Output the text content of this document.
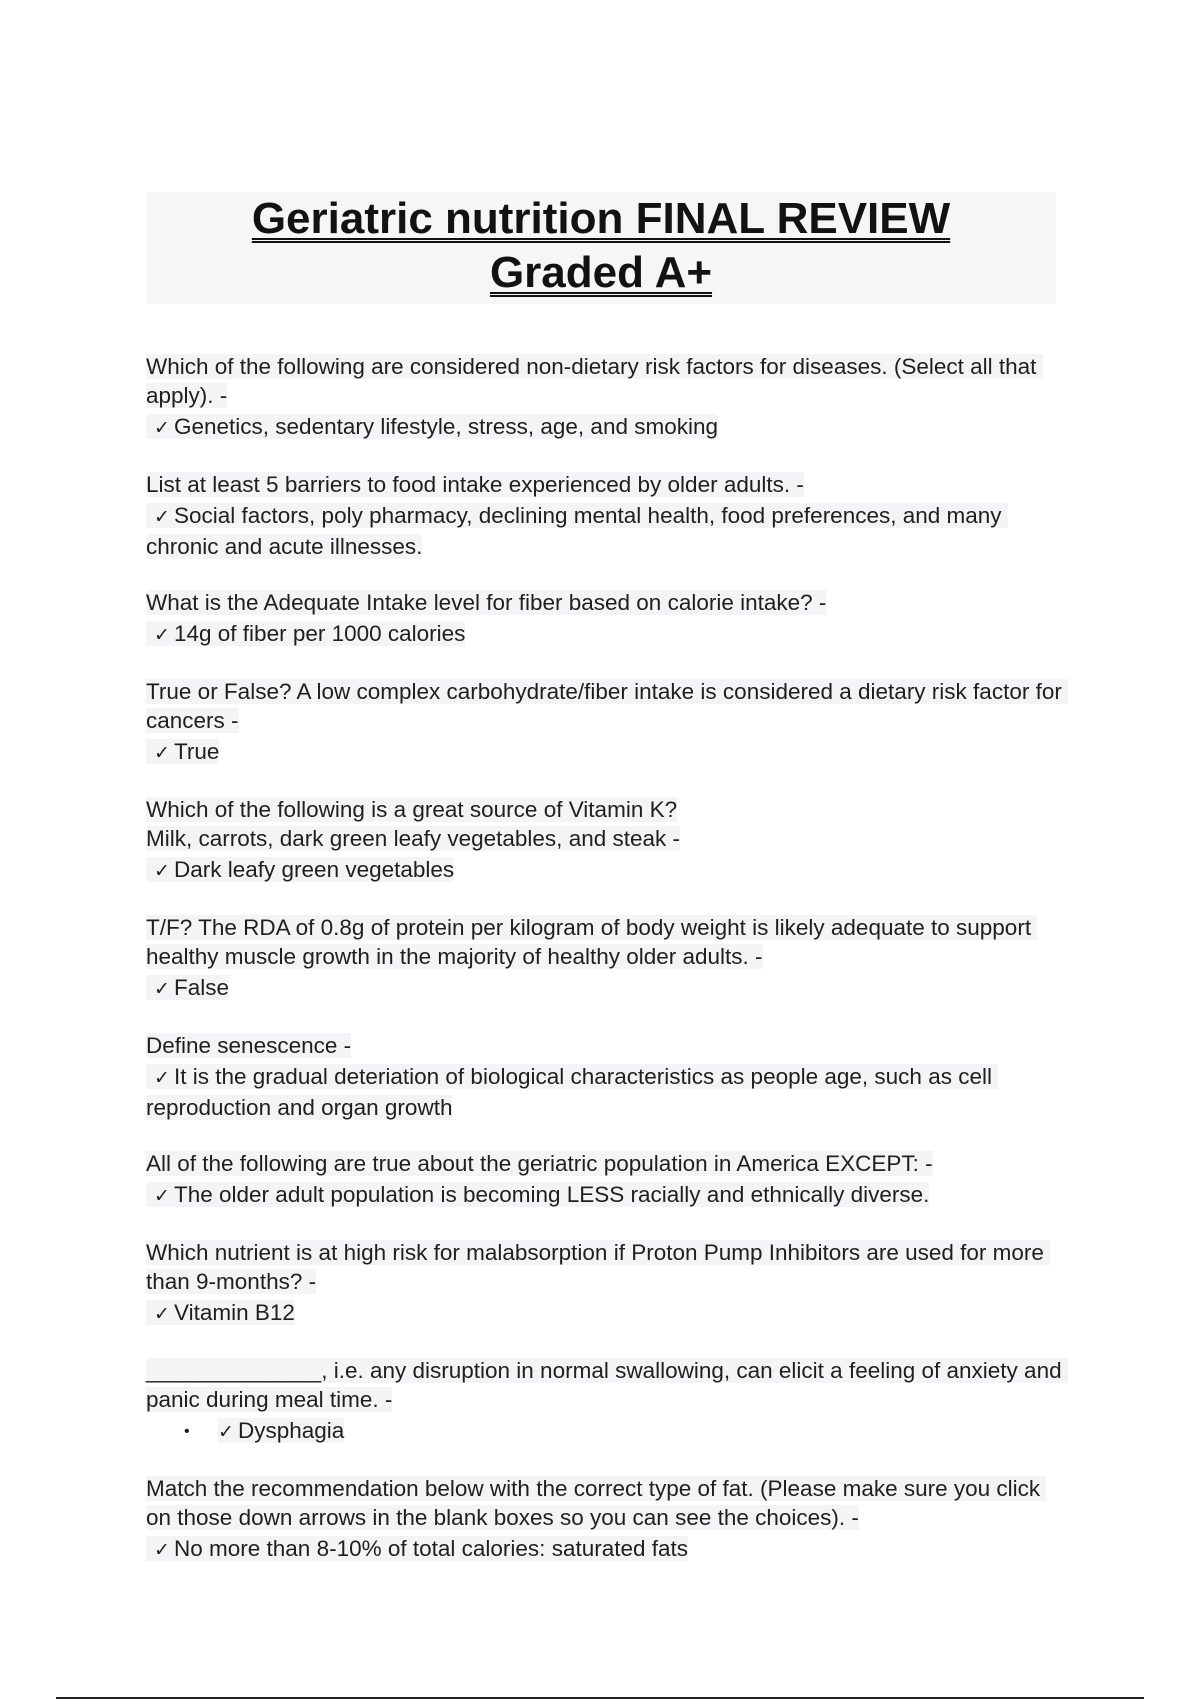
Geriatric nutrition FINAL REVIEW
Graded A+
Which of the following are considered non-dietary risk factors for diseases. (Select all that apply). -
✓ Genetics, sedentary lifestyle, stress, age, and smoking
List at least 5 barriers to food intake experienced by older adults. -
✓ Social factors, poly pharmacy, declining mental health, food preferences, and many chronic and acute illnesses.
What is the Adequate Intake level for fiber based on calorie intake? -
✓ 14g of fiber per 1000 calories
True or False? A low complex carbohydrate/fiber intake is considered a dietary risk factor for cancers -
✓ True
Which of the following is a great source of Vitamin K?
Milk, carrots, dark green leafy vegetables, and steak -
✓ Dark leafy green vegetables
T/F? The RDA of 0.8g of protein per kilogram of body weight is likely adequate to support healthy muscle growth in the majority of healthy older adults. -
✓ False
Define senescence -
✓ It is the gradual deteriation of biological characteristics as people age, such as cell reproduction and organ growth
All of the following are true about the geriatric population in America EXCEPT: -
✓ The older adult population is becoming LESS racially and ethnically diverse.
Which nutrient is at high risk for malabsorption if Proton Pump Inhibitors are used for more than 9-months? -
✓ Vitamin B12
______________, i.e. any disruption in normal swallowing, can elicit a feeling of anxiety and panic during meal time. -
• ✓ Dysphagia
Match the recommendation below with the correct type of fat. (Please make sure you click on those down arrows in the blank boxes so you can see the choices). -
✓ No more than 8-10% of total calories: saturated fats
